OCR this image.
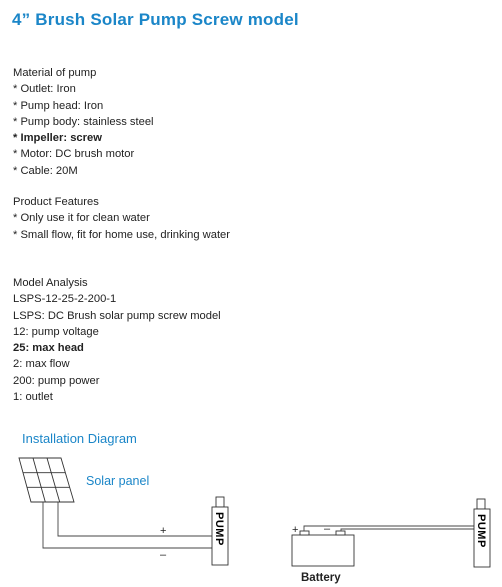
4” Brush Solar Pump Screw model
Material of pump
* Outlet: Iron
* Pump head: Iron
* Pump body: stainless steel
* Impeller: screw
* Motor: DC brush motor
* Cable: 20M
Product Features
* Only use it for clean water
* Small flow, fit for home use, drinking water
Model Analysis
LSPS-12-25-2-200-1
LSPS: DC Brush solar pump screw model
12: pump voltage
25: max head
2: max flow
200: pump power
1: outlet
Installation Diagram
Solar panel
Battery
+
–
PUMP	+ –	PUMP
